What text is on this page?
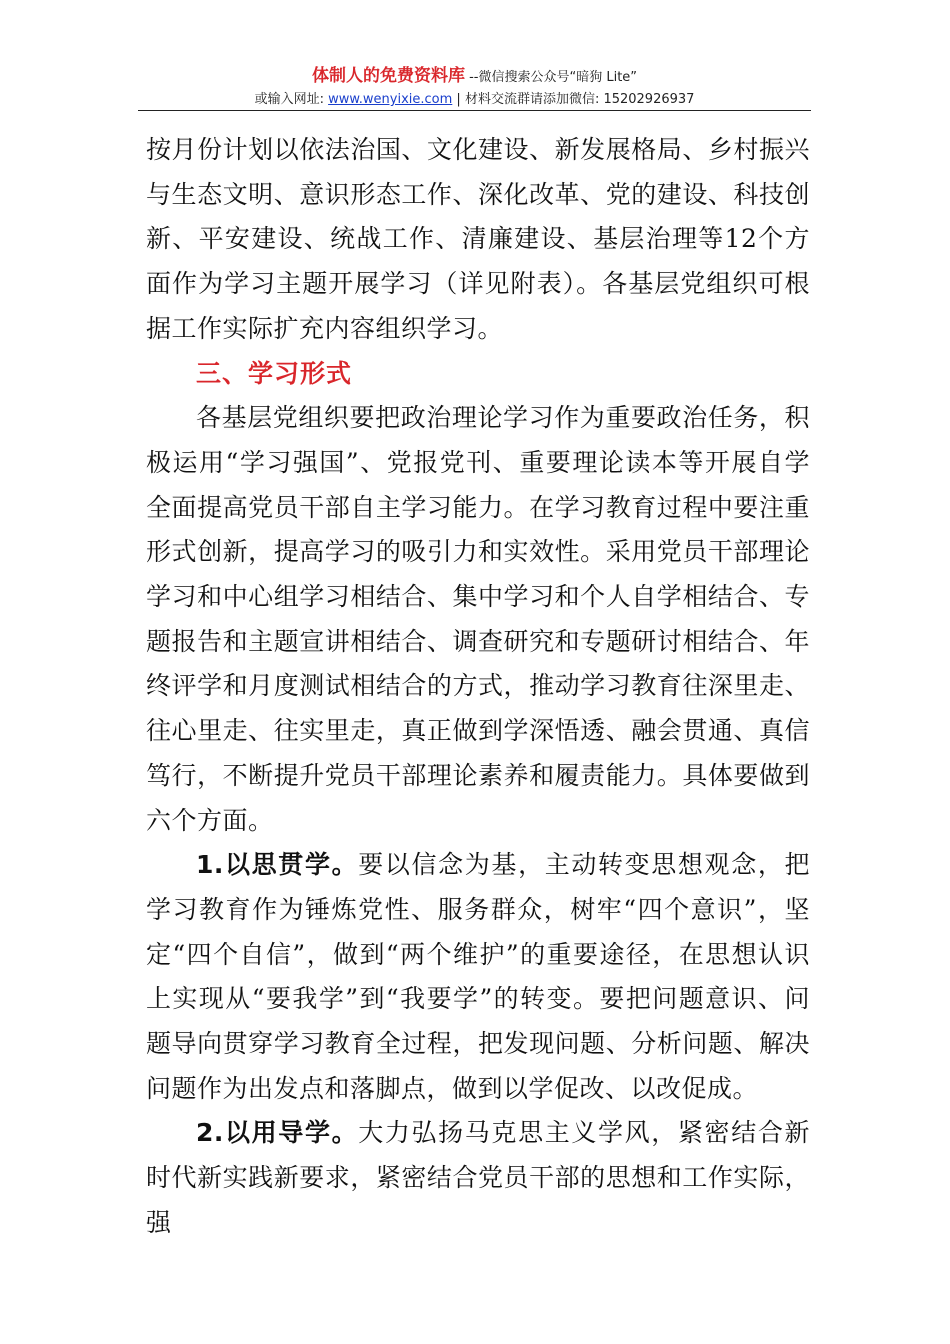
体制人的免费资料库 --微信搜索公众号“暗狗 Lite”
或输入网址: www.wenyixie.com | 材料交流群请添加微信: 15202926937

按月份计划以依法治国、文化建设、新发展格局、乡村振兴与生态文明、意识形态工作、深化改革、党的建设、科技创新、平安建设、统战工作、清廉建设、基层治理等12个方面作为学习主题开展学习（详见附表）。各基层党组织可根据工作实际扩充内容组织学习。

三、学习形式

各基层党组织要把政治理论学习作为重要政治任务，积极运用“学习强国”、党报党刊、重要理论读本等开展自学全面提高党员干部自主学习能力。在学习教育过程中要注重形式创新，提高学习的吸引力和实效性。采用党员干部理论学习和中心组学习相结合、集中学习和个人自学相结合、专题报告和主题宣讲相结合、调查研究和专题研讨相结合、年终评学和月度测试相结合的方式，推动学习教育往深里走、往心里走、往实里走，真正做到学深悟透、融会贯通、真信笃行，不断提升党员干部理论素养和履责能力。具体要做到六个方面。

1.以思贯学。要以信念为基，主动转变思想观念，把学习教育作为锤炼党性、服务群众，树牢“四个意识”，坚定“四个自信”，做到“两个维护”的重要途径，在思想认识上实现从“要我学”到“我要学”的转变。要把问题意识、问题导向贯穿学习教育全过程，把发现问题、分析问题、解决问题作为出发点和落脚点，做到以学促改、以改促成。

2.以用导学。大力弘扬马克思主义学风，紧密结合新时代新实践新要求，紧密结合党员干部的思想和工作实际，强
